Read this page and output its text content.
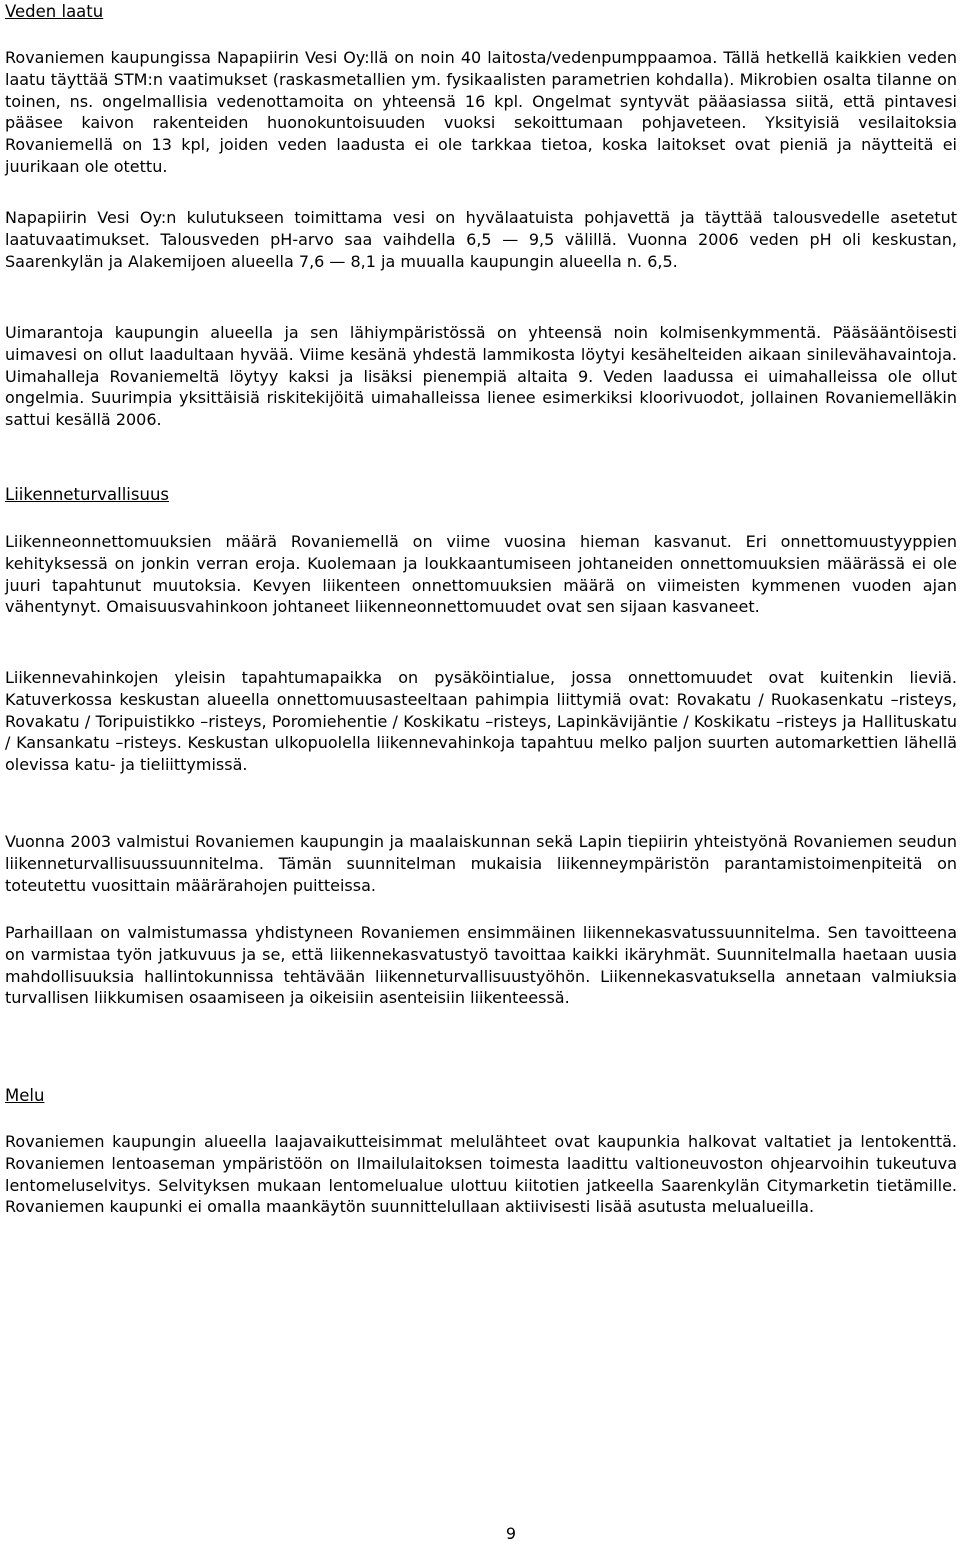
Veden laatu

Rovaniemen kaupungissa Napapiirin Vesi Oy:llä on noin 40 laitosta/vedenpumppaamoa. Tällä hetkellä kaikkien veden laatu täyttää STM:n vaatimukset (raskasmetallien ym. fysikaalisten parametrien kohdalla). Mikrobien osalta tilanne on toinen, ns. ongelmallisia vedenottamoita on yhteensä 16 kpl. Ongelmat syntyvät pääasiassa siitä, että pintavesi pääsee kaivon rakenteiden huonokuntoisuuden vuoksi sekoittumaan pohjaveteen. Yksityisiä vesilaitoksia Rovaniemellä on 13 kpl, joiden veden laadusta ei ole tarkkaa tietoa, koska laitokset ovat pieniä ja näytteitä ei juurikaan ole otettu.

Napapiirin Vesi Oy:n kulutukseen toimittama vesi on hyvälaatuista pohjavettä ja täyttää talousvedelle asetetut laatuvaatimukset. Talousveden pH-arvo saa vaihdella 6,5 — 9,5 välillä. Vuonna 2006 veden pH oli keskustan, Saarenkylän ja Alakemijoen alueella 7,6 — 8,1 ja muualla kaupungin alueella n. 6,5.

Uimarantoja kaupungin alueella ja sen lähiympäristössä on yhteensä noin kolmisenkymmentä. Pääsääntöisesti uimavesi on ollut laadultaan hyvää. Viime kesänä yhdestä lammikosta löytyi kesähelteiden aikaan sinilevähavaintoja. Uimahalleja Rovaniemeltä löytyy kaksi ja lisäksi pienempiä altaita 9. Veden laadussa ei uimahalleissa ole ollut ongelmia. Suurimpia yksittäisiä riskitekijöitä uimahalleissa lienee esimerkiksi kloorivuodot, jollainen Rovaniemelläkin sattui kesällä 2006.

Liikenneturvallisuus

Liikenneonnettomuuksien määrä Rovaniemellä on viime vuosina hieman kasvanut. Eri onnettomuustyyppien kehityksessä on jonkin verran eroja. Kuolemaan ja loukkaantumiseen johtaneiden onnettomuuksien määrässä ei ole juuri tapahtunut muutoksia. Kevyen liikenteen onnettomuuksien määrä on viimeisten kymmenen vuoden ajan vähentynyt. Omaisuusvahinkoon johtaneet liikenneonnettomuudet ovat sen sijaan kasvaneet.

Liikennevahinkojen yleisin tapahtumapaikka on pysäköintialue, jossa onnettomuudet ovat kuitenkin lieviä. Katuverkossa keskustan alueella onnettomuusasteeltaan pahimpia liittymiä ovat: Rovakatu / Ruokasenkatu –risteys, Rovakatu / Toripuistikko –risteys, Poromiehentie / Koskikatu –risteys, Lapinkävijäntie / Koskikatu –risteys ja Hallituskatu / Kansankatu –risteys. Keskustan ulkopuolella liikennevahinkoja tapahtuu melko paljon suurten automarkettien lähellä olevissa katu- ja tieliittymissä.

Vuonna 2003 valmistui Rovaniemen kaupungin ja maalaiskunnan sekä Lapin tiepiirin yhteistyönä Rovaniemen seudun liikenneturvallisuussuunnitelma. Tämän suunnitelman mukaisia liikenneympäristön parantamistoimenpiteitä on toteutettu vuosittain määrärahojen puitteissa.

Parhaillaan on valmistumassa yhdistyneen Rovaniemen ensimmäinen liikennekasvatussuunnitelma. Sen tavoitteena on varmistaa työn jatkuvuus ja se, että liikennekasvatustyö tavoittaa kaikki ikäryhmät. Suunnitelmalla haetaan uusia mahdollisuuksia hallintokunnissa tehtävään liikenneturvallisuustyöhön. Liikennekasvatuksella annetaan valmiuksia turvallisen liikkumisen osaamiseen ja oikeisiin asenteisiin liikenteessä.

Melu

Rovaniemen kaupungin alueella laajavaikutteisimmat melulähteet ovat kaupunkia halkovat valtatiet ja lentokenttä. Rovaniemen lentoaseman ympäristöön on Ilmailulaitoksen toimesta laadittu valtioneuvoston ohjearvoihin tukeutuva lentomeluselvitys. Selvityksen mukaan lentomelualue ulottuu kiitotien jatkeella Saarenkylän Citymarketin tietämille. Rovaniemen kaupunki ei omalla maankäytön suunnittelullaan aktiivisesti lisää asutusta melualueilla.

9
